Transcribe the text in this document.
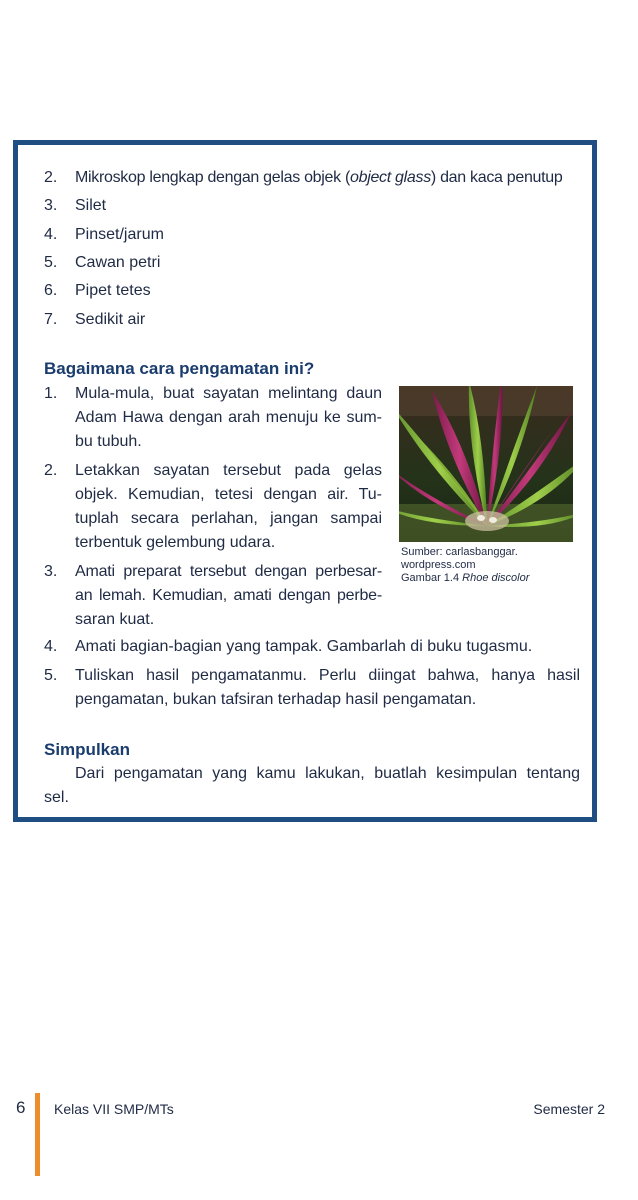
2.	Mikroskop lengkap dengan gelas objek (object glass) dan kaca penutup
3.	Silet
4.	Pinset/jarum
5.	Cawan petri
6.	Pipet tetes
7.	Sedikit air
Bagaimana cara pengamatan ini?
1.	Mula-mula, buat sayatan melintang daun
Adam Hawa dengan arah menuju ke sum-
bu tubuh.
2.	Letakkan sayatan tersebut pada gelas
objek. Kemudian, tetesi dengan air. Tu-
tuplah secara perlahan, jangan sampai
terbentuk gelembung udara.
3.	Amati preparat tersebut dengan perbesar-
an lemah. Kemudian, amati dengan perbe-
saran kuat.
4.	Amati bagian-bagian yang tampak. Gambarlah di buku tugasmu.
5.	Tuliskan hasil pengamatanmu. Perlu diingat bahwa, hanya hasil
pengamatan, bukan tafsiran terhadap hasil pengamatan.
Sumber: carlasbanggar.
wordpress.com
Gambar 1.4 Rhoe discolor
Simpulkan
Dari pengamatan yang kamu lakukan, buatlah kesimpulan tentang
sel.
6 Kelas VII SMP/MTs	Semester 2
